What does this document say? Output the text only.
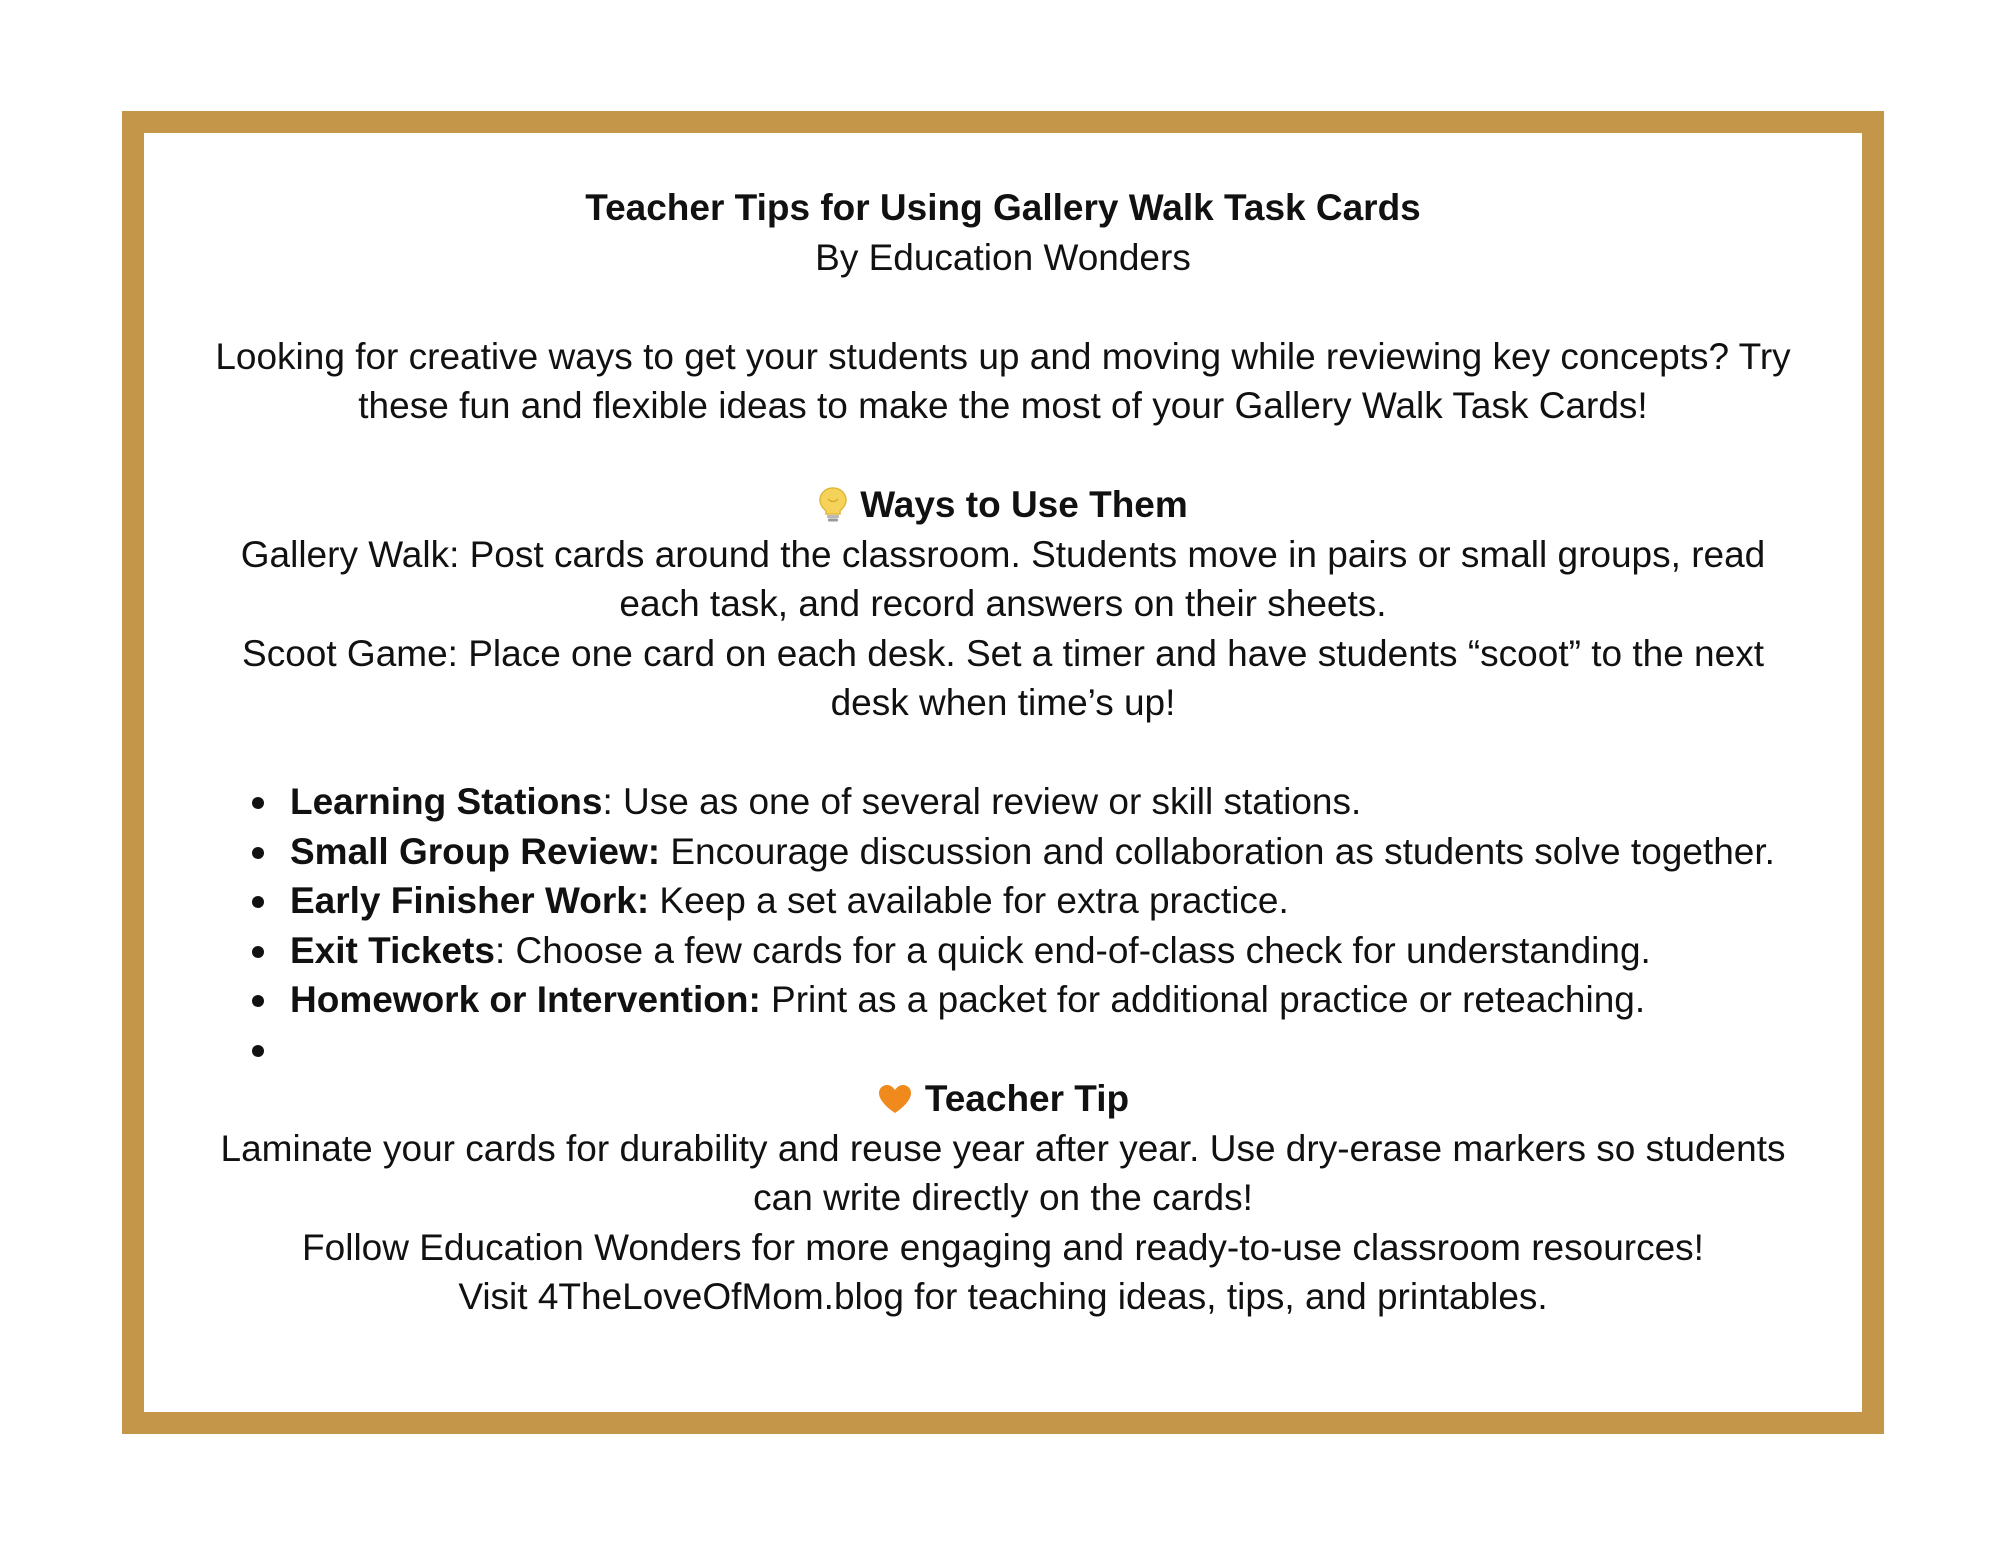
Teacher Tips for Using Gallery Walk Task Cards
By Education Wonders

Looking for creative ways to get your students up and moving while reviewing key concepts? Try these fun and flexible ideas to make the most of your Gallery Walk Task Cards!

Ways to Use Them

Gallery Walk: Post cards around the classroom. Students move in pairs or small groups, read each task, and record answers on their sheets.

Scoot Game: Place one card on each desk. Set a timer and have students “scoot” to the next desk when time’s up!

Learning Stations: Use as one of several review or skill stations.
Small Group Review: Encourage discussion and collaboration as students solve together.
Early Finisher Work: Keep a set available for extra practice.
Exit Tickets: Choose a few cards for a quick end-of-class check for understanding.
Homework or Intervention: Print as a packet for additional practice or reteaching.
Teacher Tip

Laminate your cards for durability and reuse year after year. Use dry-erase markers so students can write directly on the cards!

Follow Education Wonders for more engaging and ready-to-use classroom resources!

Visit 4TheLoveOfMom.blog for teaching ideas, tips, and printables.
